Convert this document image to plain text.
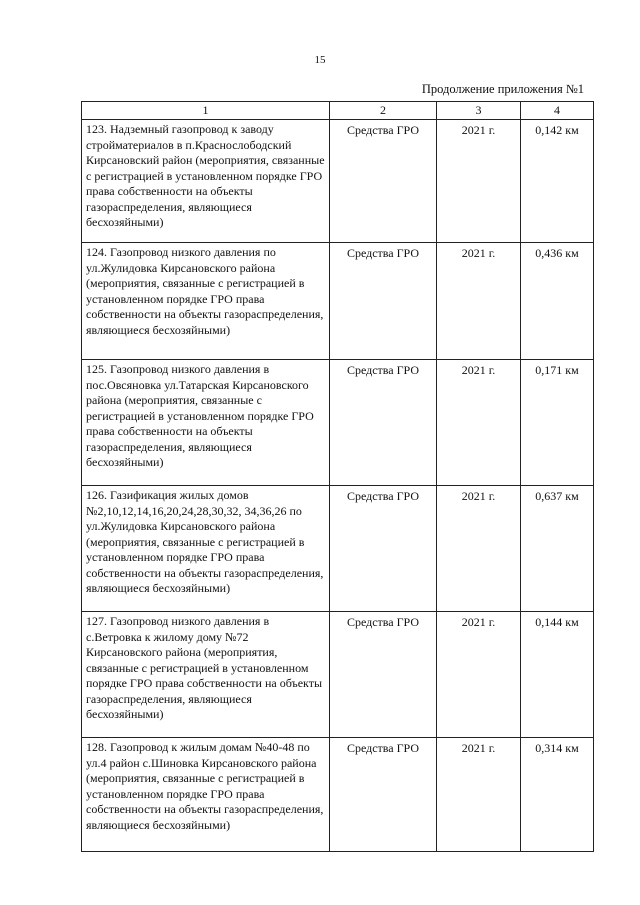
15
Продолжение приложения №1
1	2	3	4
123. Надземный газопровод к заводу стройматериалов в п.Краснослободский Кирсановский район (мероприятия, связанные с регистрацией в установленном порядке ГРО права собственности на объекты газораспределения, являющиеся бесхозяйными)	Средства ГРО	2021 г.	0,142 км
124. Газопровод низкого давления по ул.Жулидовка Кирсановского района (мероприятия, связанные с регистрацией в установленном порядке ГРО права собственности на объекты газораспределения, являющиеся бесхозяйными)	Средства ГРО	2021 г.	0,436 км
125. Газопровод низкого давления в пос.Овсяновка ул.Татарская Кирсановского района (мероприятия, связанные с регистрацией в установленном порядке ГРО права собственности на объекты газораспределения, являющиеся бесхозяйными)	Средства ГРО	2021 г.	0,171 км
126. Газификация жилых домов №2,10,12,14,16,20,24,28,30,32, 34,36,26 по ул.Жулидовка Кирсановского района (мероприятия, связанные с регистрацией в установленном порядке ГРО права собственности на объекты газораспределения, являющиеся бесхозяйными)	Средства ГРО	2021 г.	0,637 км
127. Газопровод низкого давления в с.Ветровка к жилому дому №72 Кирсановского района (мероприятия, связанные с регистрацией в установленном порядке ГРО права собственности на объекты газораспределения, являющиеся бесхозяйными)	Средства ГРО	2021 г.	0,144 км
128. Газопровод к жилым домам №40-48 по ул.4 район с.Шиновка Кирсановского района (мероприятия, связанные с регистрацией в установленном порядке ГРО права собственности на объекты газораспределения, являющиеся бесхозяйными)	Средства ГРО	2021 г.	0,314 км
